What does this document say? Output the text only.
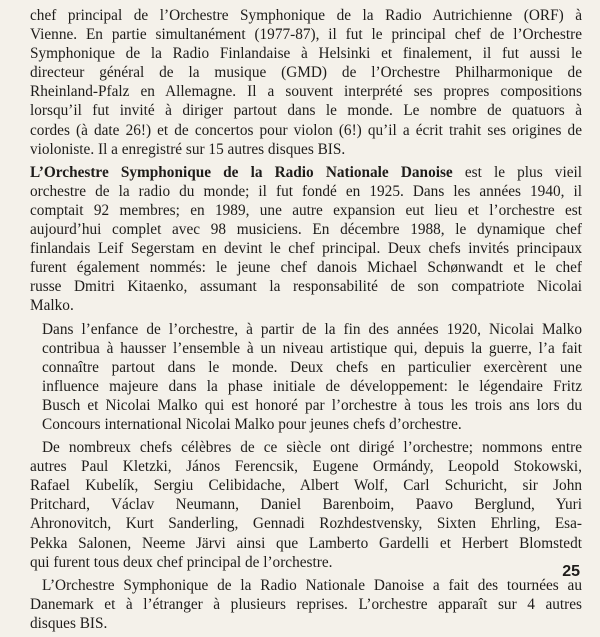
chef principal de l’Orchestre Symphonique de la Radio Autrichienne (ORF) à
Vienne. En partie simultanément (1977-87), il fut le principal chef de l’Orchestre
Symphonique de la Radio Finlandaise à Helsinki et finalement, il fut aussi le
directeur général de la musique (GMD) de l’Orchestre Philharmonique de
Rheinland-Pfalz en Allemagne. Il a souvent interprété ses propres compositions
lorsqu’il fut invité à diriger partout dans le monde. Le nombre de quatuors à
cordes (à date 26!) et de concertos pour violon (6!) qu’il a écrit trahit ses origines de
violoniste. Il a enregistré sur 15 autres disques BIS.

L’Orchestre Symphonique de la Radio Nationale Danoise est le plus vieil
orchestre de la radio du monde; il fut fondé en 1925. Dans les années 1940, il
comptait 92 membres; en 1989, une autre expansion eut lieu et l’orchestre est
aujourd’hui complet avec 98 musiciens. En décembre 1988, le dynamique chef
finlandais Leif Segerstam en devint le chef principal. Deux chefs invités principaux
furent également nommés: le jeune chef danois Michael Schønwandt et le chef
russe Dmitri Kitaenko, assumant la responsabilité de son compatriote Nicolai
Malko.

Dans l’enfance de l’orchestre, à partir de la fin des années 1920, Nicolai Malko
contribua à hausser l’ensemble à un niveau artistique qui, depuis la guerre, l’a fait
connaître partout dans le monde. Deux chefs en particulier exercèrent une
influence majeure dans la phase initiale de développement: le légendaire Fritz
Busch et Nicolai Malko qui est honoré par l’orchestre à tous les trois ans lors du
Concours international Nicolai Malko pour jeunes chefs d’orchestre.

De nombreux chefs célèbres de ce siècle ont dirigé l’orchestre; nommons entre
autres Paul Kletzki, János Ferencsik, Eugene Ormándy, Leopold Stokowski,
Rafael Kubelík, Sergiu Celibidache, Albert Wolf, Carl Schuricht, sir John
Pritchard, Václav Neumann, Daniel Barenboim, Paavo Berglund, Yuri
Ahronovitch, Kurt Sanderling, Gennadi Rozhdestvensky, Sixten Ehrling, Esa-
Pekka Salonen, Neeme Järvi ainsi que Lamberto Gardelli et Herbert Blomstedt
qui furent tous deux chef principal de l’orchestre.

L’Orchestre Symphonique de la Radio Nationale Danoise a fait des tournées au
Danemark et à l’étranger à plusieurs reprises. L’orchestre apparaît sur 4 autres
disques BIS.

25
